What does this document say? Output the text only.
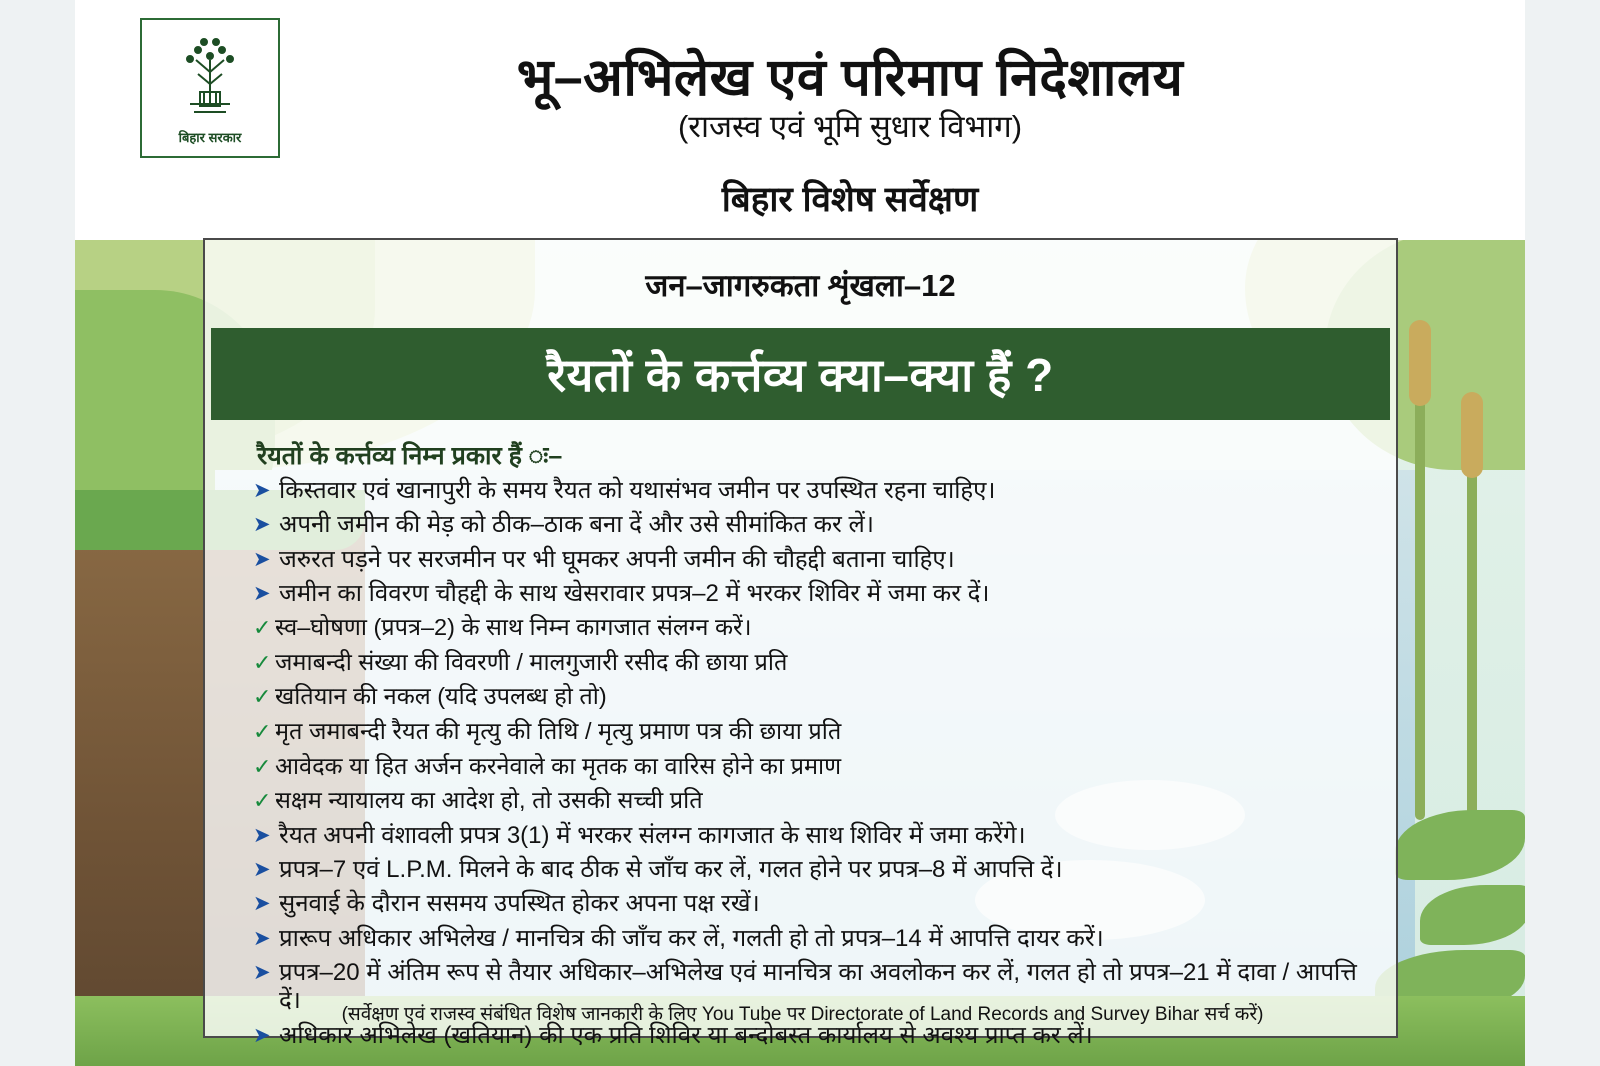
बिहार सरकार
भू–अभिलेख एवं परिमाप निदेशालय
(राजस्व एवं भूमि सुधार विभाग)
बिहार विशेष सर्वेक्षण
जन–जागरुकता शृंखला–12
रैयतों के कर्त्तव्य क्या–क्या हैं ?
रैयतों के कर्त्तव्य निम्न प्रकार हैं ः–
➤ किस्तवार एवं खानापुरी के समय रैयत को यथासंभव जमीन पर उपस्थित रहना चाहिए।
➤ अपनी जमीन की मेड़ को ठीक–ठाक बना दें और उसे सीमांकित कर लें।
➤ जरुरत पड़ने पर सरजमीन पर भी घूमकर अपनी जमीन की चौहद्दी बताना चाहिए।
➤ जमीन का विवरण चौहद्दी के साथ खेसरावार प्रपत्र–2 में भरकर शिविर में जमा कर दें।
✓ स्व–घोषणा (प्रपत्र–2) के साथ निम्न कागजात संलग्न करें।
✓ जमाबन्दी संख्या की विवरणी / मालगुजारी रसीद की छाया प्रति
✓ खतियान की नकल (यदि उपलब्ध हो तो)
✓ मृत जमाबन्दी रैयत की मृत्यु की तिथि / मृत्यु प्रमाण पत्र की छाया प्रति
✓ आवेदक या हित अर्जन करनेवाले का मृतक का वारिस होने का प्रमाण
✓ सक्षम न्यायालय का आदेश हो, तो उसकी सच्ची प्रति
➤ रैयत अपनी वंशावली प्रपत्र 3(1) में भरकर संलग्न कागजात के साथ शिविर में जमा करेंगे।
➤ प्रपत्र–7 एवं L.P.M. मिलने के बाद ठीक से जाँच कर लें, गलत होने पर प्रपत्र–8 में आपत्ति दें।
➤ सुनवाई के दौरान ससमय उपस्थित होकर अपना पक्ष रखें।
➤ प्रारूप अधिकार अभिलेख / मानचित्र की जाँच कर लें, गलती हो तो प्रपत्र–14 में आपत्ति दायर करें।
➤ प्रपत्र–20 में अंतिम रूप से तैयार अधिकार–अभिलेख एवं मानचित्र का अवलोकन कर लें, गलत हो तो प्रपत्र–21 में दावा / आपत्ति दें।
➤ अधिकार अभिलेख (खतियान) की एक प्रति शिविर या बन्दोबस्त कार्यालय से अवश्य प्राप्त कर लें।
(सर्वेक्षण एवं राजस्व संबंधित विशेष जानकारी के लिए You Tube पर Directorate of Land Records and Survey Bihar सर्च करें)
